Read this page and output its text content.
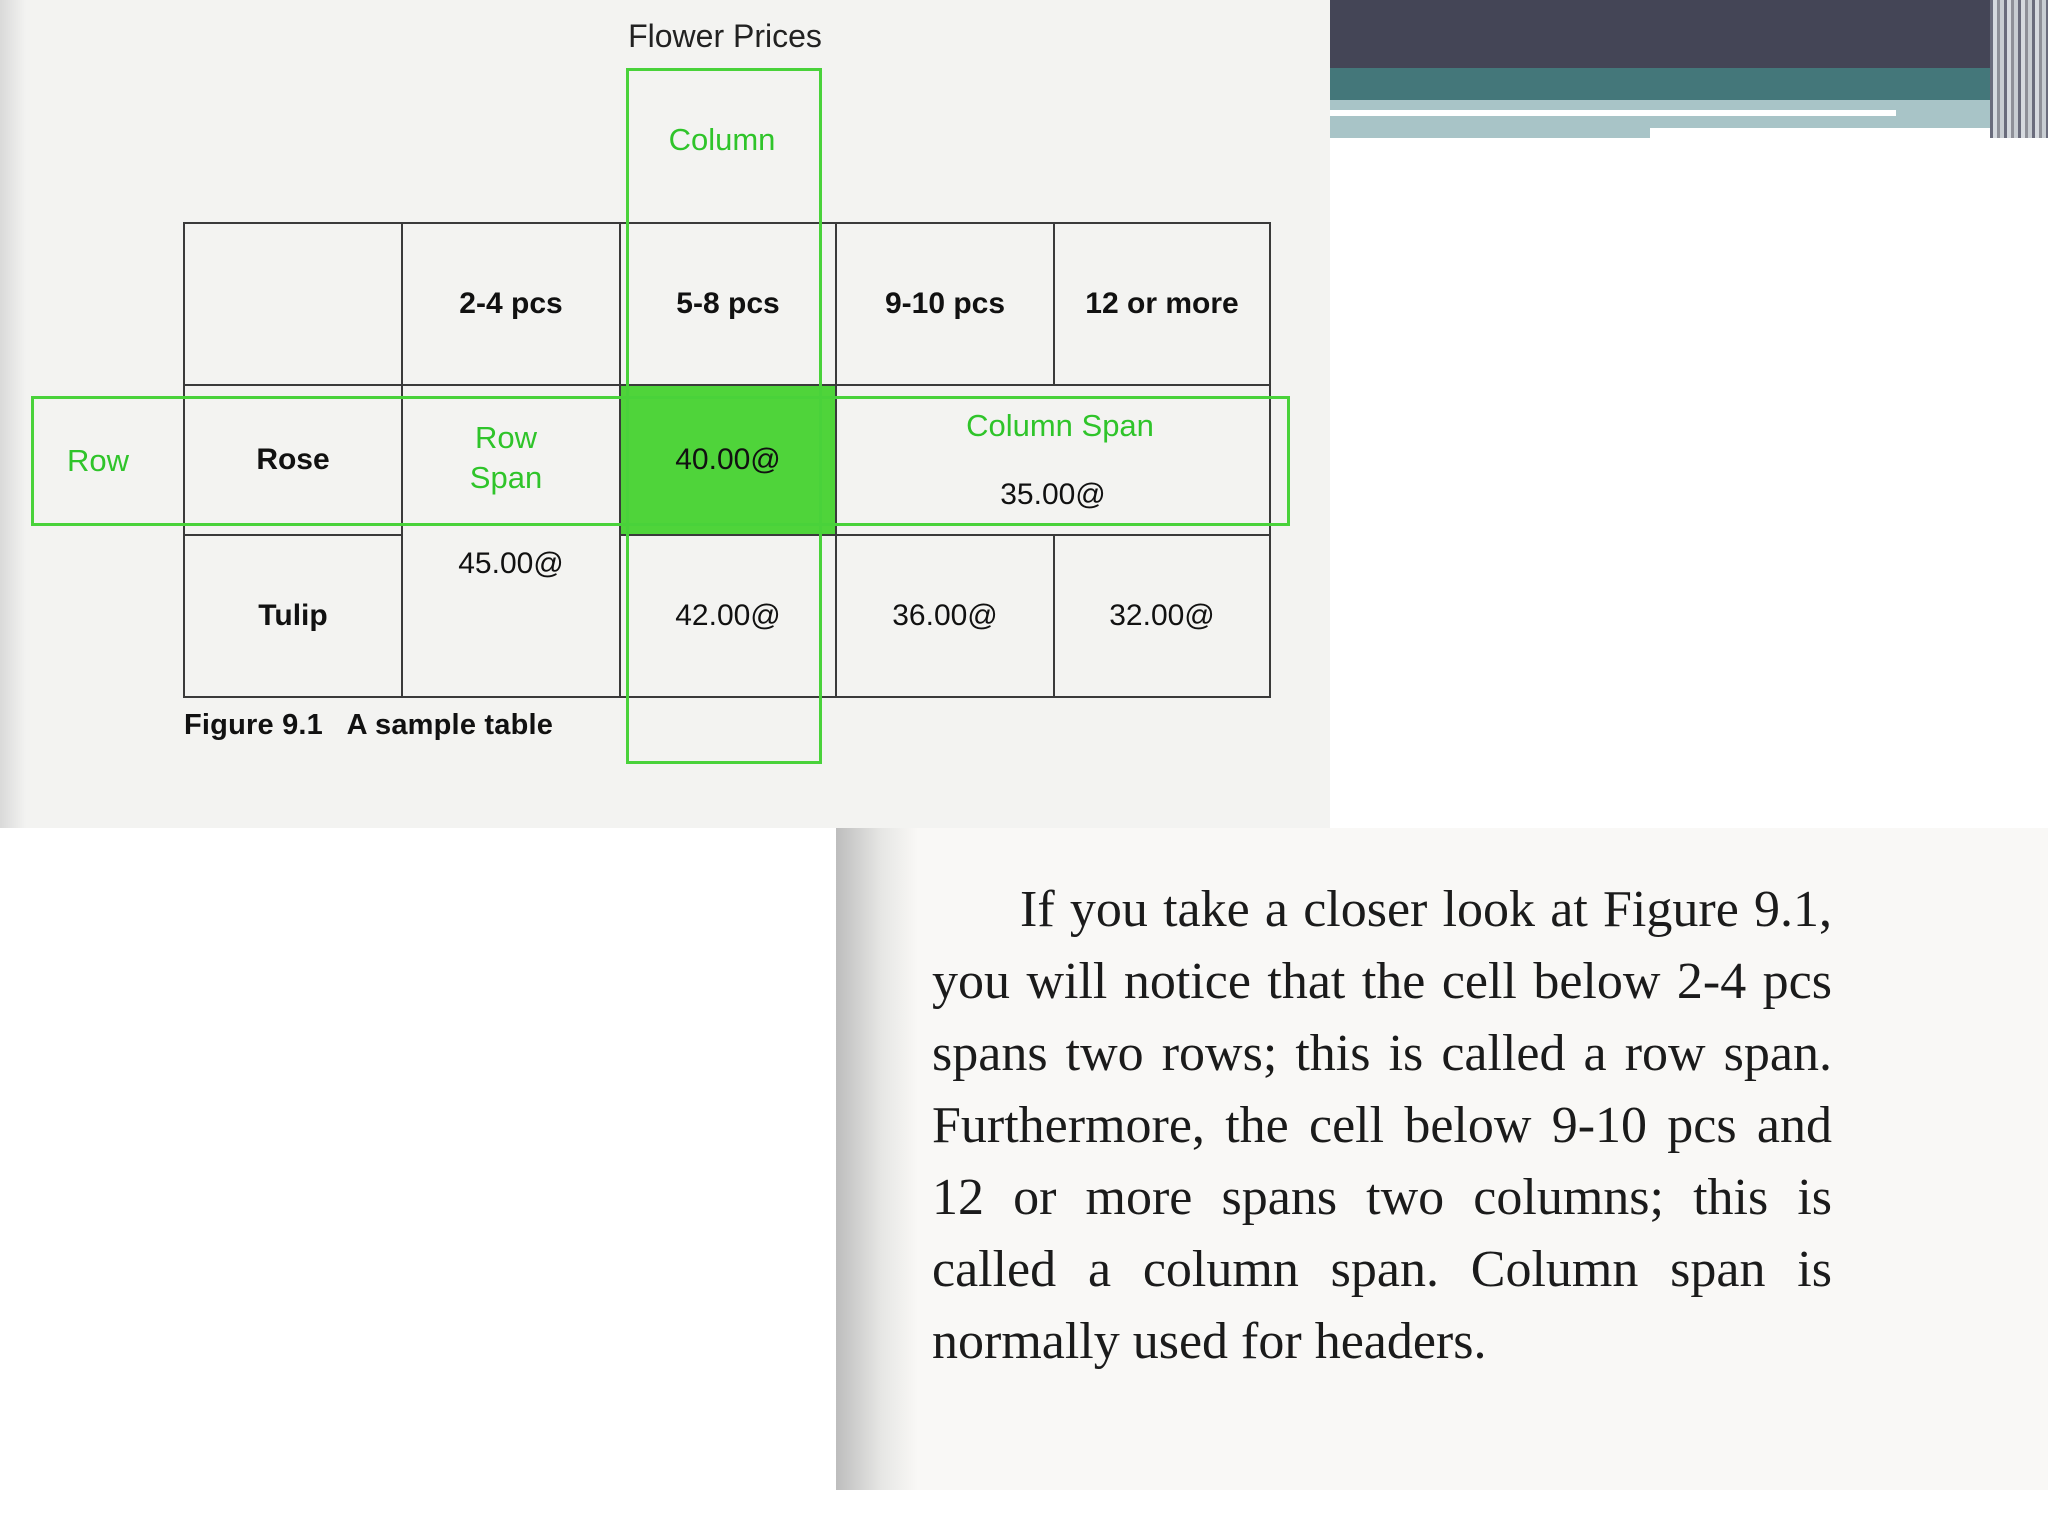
Flower Prices
	2-4 pcs	5-8 pcs	9-10 pcs	12 or more
Rose	45.00@	40.00@	35.00@	
Tulip		42.00@	36.00@	32.00@
Column
Row
Row Span
Column Span
Figure 9.1   A sample table

If you take a closer look at Figure 9.1, you will notice that the cell below 2-4 pcs spans two rows; this is called a row span. Furthermore, the cell below 9-10 pcs and 12 or more spans two columns; this is called a column span. Column span is normally used for headers.
